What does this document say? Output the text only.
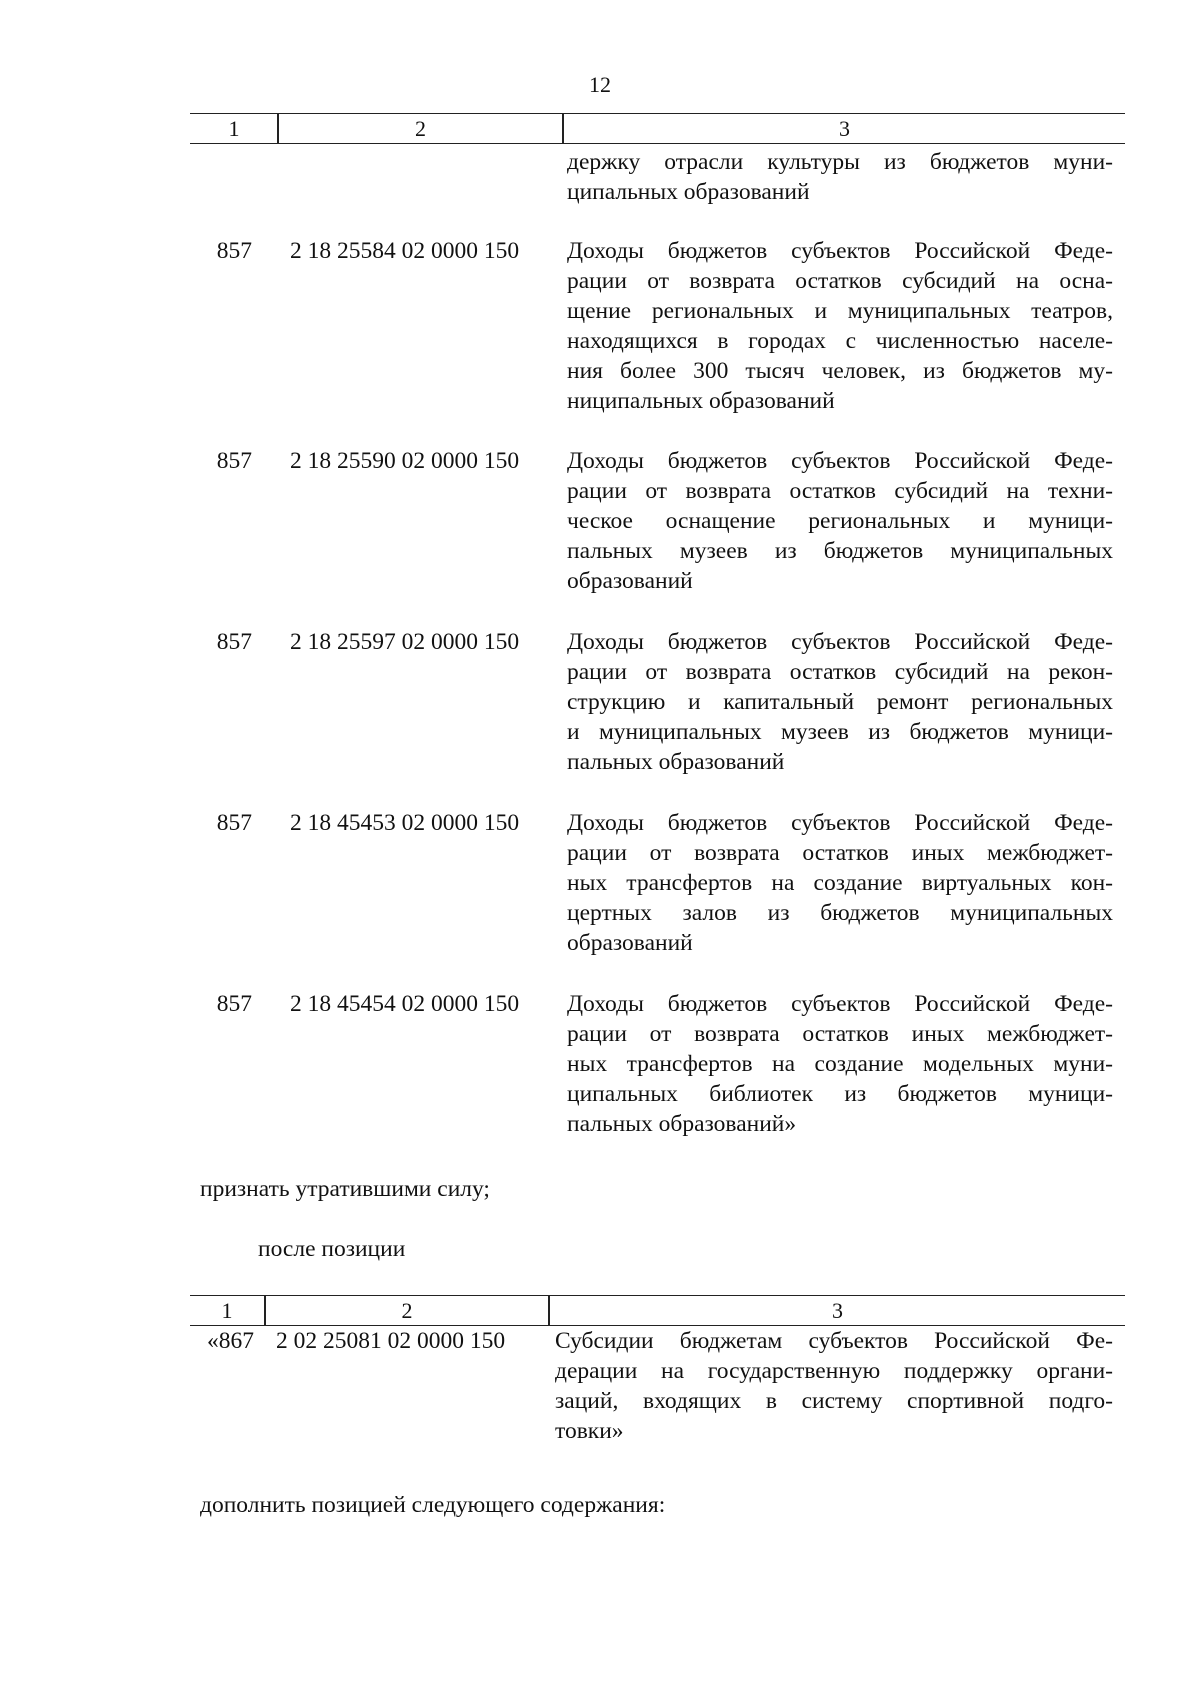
12
1	2	3
держку отрасли культуры из бюджетов муни-
ципальных образований
857 2 18 25584 02 0000 150 Доходы бюджетов субъектов Российской Феде-
рации от возврата остатков субсидий на осна-
щение региональных и муниципальных театров,
находящихся в городах с численностью населе-
ния более 300 тысяч человек, из бюджетов му-
ниципальных образований
857 2 18 25590 02 0000 150 Доходы бюджетов субъектов Российской Феде-
рации от возврата остатков субсидий на техни-
ческое оснащение региональных и муници-
пальных музеев из бюджетов муниципальных
образований
857 2 18 25597 02 0000 150 Доходы бюджетов субъектов Российской Феде-
рации от возврата остатков субсидий на рекон-
струкцию и капитальный ремонт региональных
и муниципальных музеев из бюджетов муници-
пальных образований
857 2 18 45453 02 0000 150 Доходы бюджетов субъектов Российской Феде-
рации от возврата остатков иных межбюджет-
ных трансфертов на создание виртуальных кон-
цертных залов из бюджетов муниципальных
образований
857 2 18 45454 02 0000 150 Доходы бюджетов субъектов Российской Феде-
рации от возврата остатков иных межбюджет-
ных трансфертов на создание модельных муни-
ципальных библиотек из бюджетов муници-
пальных образований»
признать утратившими силу;
после позиции
1	2	3
«867 2 02 25081 02 0000 150 Субсидии бюджетам субъектов Российской Фе-
дерации на государственную поддержку органи-
заций, входящих в систему спортивной подго-
товки»
дополнить позицией следующего содержания:
